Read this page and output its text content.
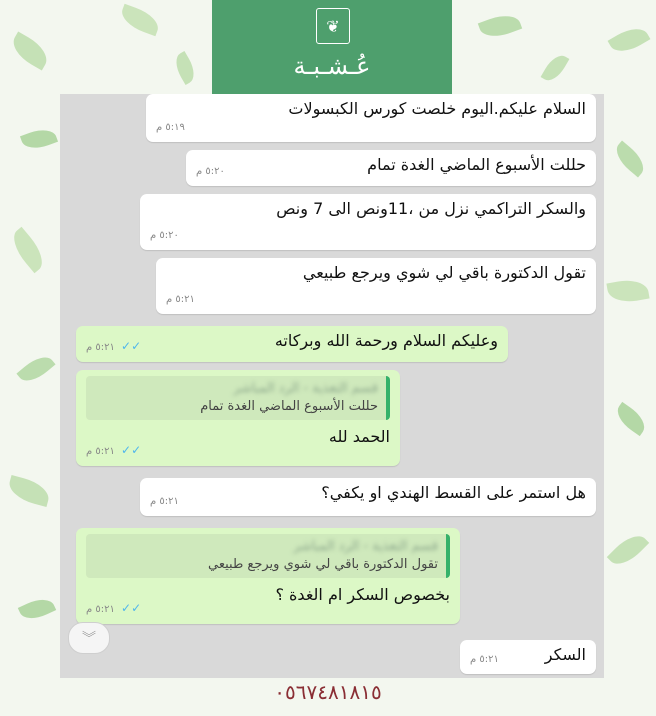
❦
عُـشـبـة
السلام عليكم.اليوم خلصت كورس الكبسولات
٥:١٩ م
حللت الأسبوع الماضي الغدة تمام
٥:٢٠ م
والسكر التراكمي نزل من ،11ونص الى 7 ونص
٥:٢٠ م
تقول الدكتورة باقي لي شوي ويرجع طبيعي
٥:٢١ م
وعليكم السلام ورحمة الله وبركاته
✓✓ ٥:٢١ م
قسم التغذية - الرد المباشر
حللت الأسبوع الماضي الغدة تمام
الحمد لله
✓✓ ٥:٢١ م
هل استمر على القسط الهندي او يكفي؟
٥:٢١ م
قسم التغذية - الرد المباشر
تقول الدكتورة باقي لي شوي ويرجع طبيعي
بخصوص السكر ام الغدة ؟
✓✓ ٥:٢١ م
︾
السكر
٥:٢١ م
٠٥٦٧٤٨١٨١٥
